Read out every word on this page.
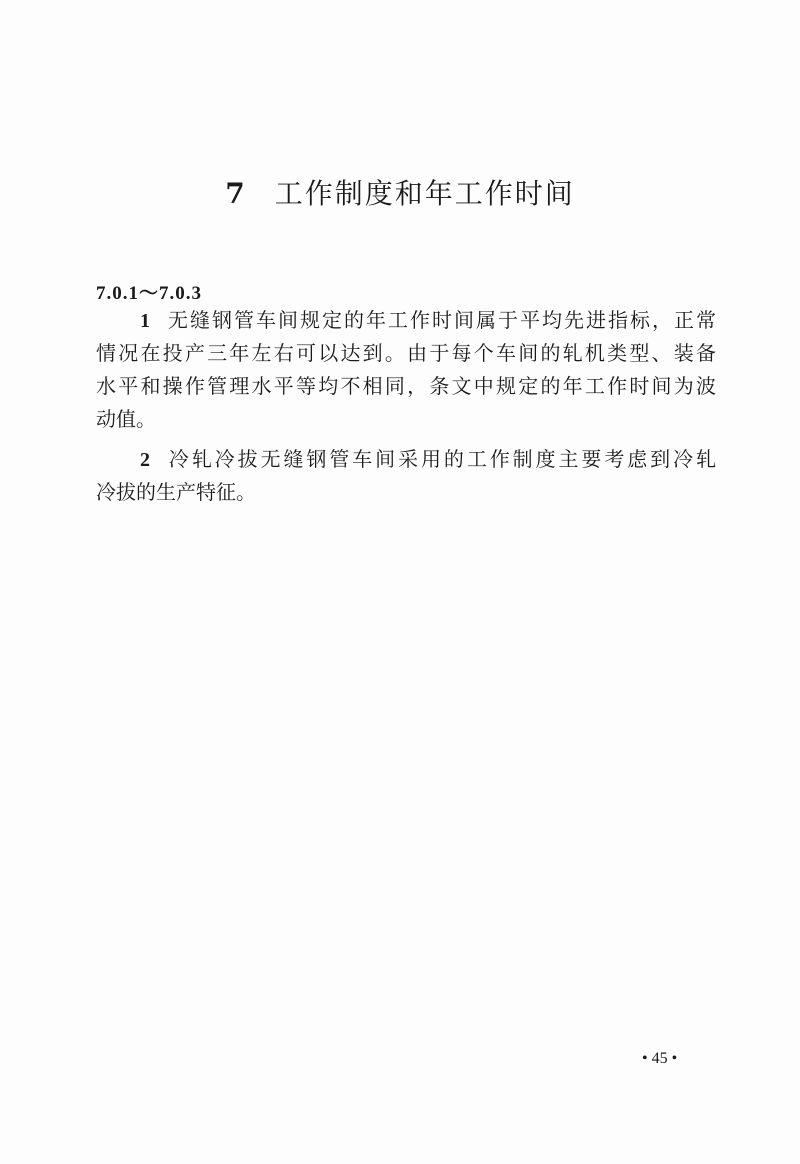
7 工作制度和年工作时间
7.0.1～7.0.3
1 无缝钢管车间规定的年工作时间属于平均先进指标，正常
情况在投产三年左右可以达到。由于每个车间的轧机类型、装备
水平和操作管理水平等均不相同，条文中规定的年工作时间为波
动值。
2 冷轧冷拔无缝钢管车间采用的工作制度主要考虑到冷轧
冷拔的生产特征。
• 45 •
